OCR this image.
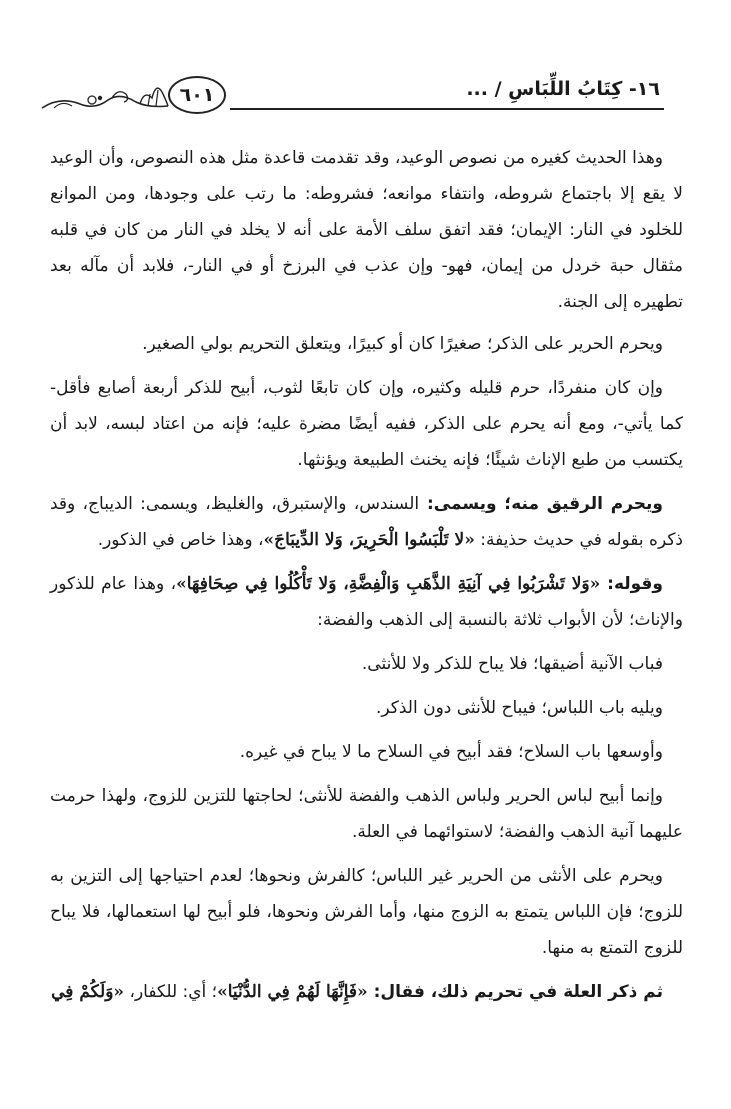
٦٠١	١٦- كِتَابُ اللِّبَاسِ / ...

وهذا الحديث كغيره من نصوص الوعيد، وقد تقدمت قاعدة مثل هذه النصوص، وأن الوعيد لا يقع إلا باجتماع شروطه، وانتفاء موانعه؛ فشروطه: ما رتب على وجودها، ومن الموانع للخلود في النار: الإيمان؛ فقد اتفق سلف الأمة على أنه لا يخلد في النار من كان في قلبه مثقال حبة خردل من إيمان، فهو- وإن عذب في البرزخ أو في النار-، فلابد أن مآله بعد تطهيره إلى الجنة.

ويحرم الحرير على الذكر؛ صغيرًا كان أو كبيرًا، ويتعلق التحريم بولي الصغير.

وإن كان منفردًا، حرم قليله وكثيره، وإن كان تابعًا لثوب، أبيح للذكر أربعة أصابع فأقل- كما يأتي-، ومع أنه يحرم على الذكر، ففيه أيضًا مضرة عليه؛ فإنه من اعتاد لبسه، لابد أن يكتسب من طبع الإناث شيئًا؛ فإنه يخنث الطبيعة ويؤنثها.

ويحرم الرقيق منه؛ ويسمى: السندس، والإستبرق، والغليظ، ويسمى: الديباج، وقد ذكره بقوله في حديث حذيفة: «لا تَلْبَسُوا الْحَرِيرَ، وَلا الدِّيبَاجَ»، وهذا خاص في الذكور.

وقوله: «وَلا تَشْرَبُوا فِي آنِيَةِ الذَّهَبِ وَالْفِضَّةِ، وَلا تَأْكُلُوا فِي صِحَافِهَا»، وهذا عام للذكور والإناث؛ لأن الأبواب ثلاثة بالنسبة إلى الذهب والفضة:

فباب الآنية أضيقها؛ فلا يباح للذكر ولا للأنثى.

ويليه باب اللباس؛ فيباح للأنثى دون الذكر.

وأوسعها باب السلاح؛ فقد أبيح في السلاح ما لا يباح في غيره.

وإنما أبيح لباس الحرير ولباس الذهب والفضة للأنثى؛ لحاجتها للتزين للزوج، ولهذا حرمت عليهما آنية الذهب والفضة؛ لاستوائهما في العلة.

ويحرم على الأنثى من الحرير غير اللباس؛ كالفرش ونحوها؛ لعدم احتياجها إلى التزين به للزوج؛ فإن اللباس يتمتع به الزوج منها، وأما الفرش ونحوها، فلو أبيح لها استعمالها، فلا يباح للزوج التمتع به منها.

ثم ذكر العلة في تحريم ذلك، فقال: «فَإِنَّهَا لَهُمْ فِي الدُّنْيَا»؛ أي: للكفار، «وَلَكُمْ فِي
